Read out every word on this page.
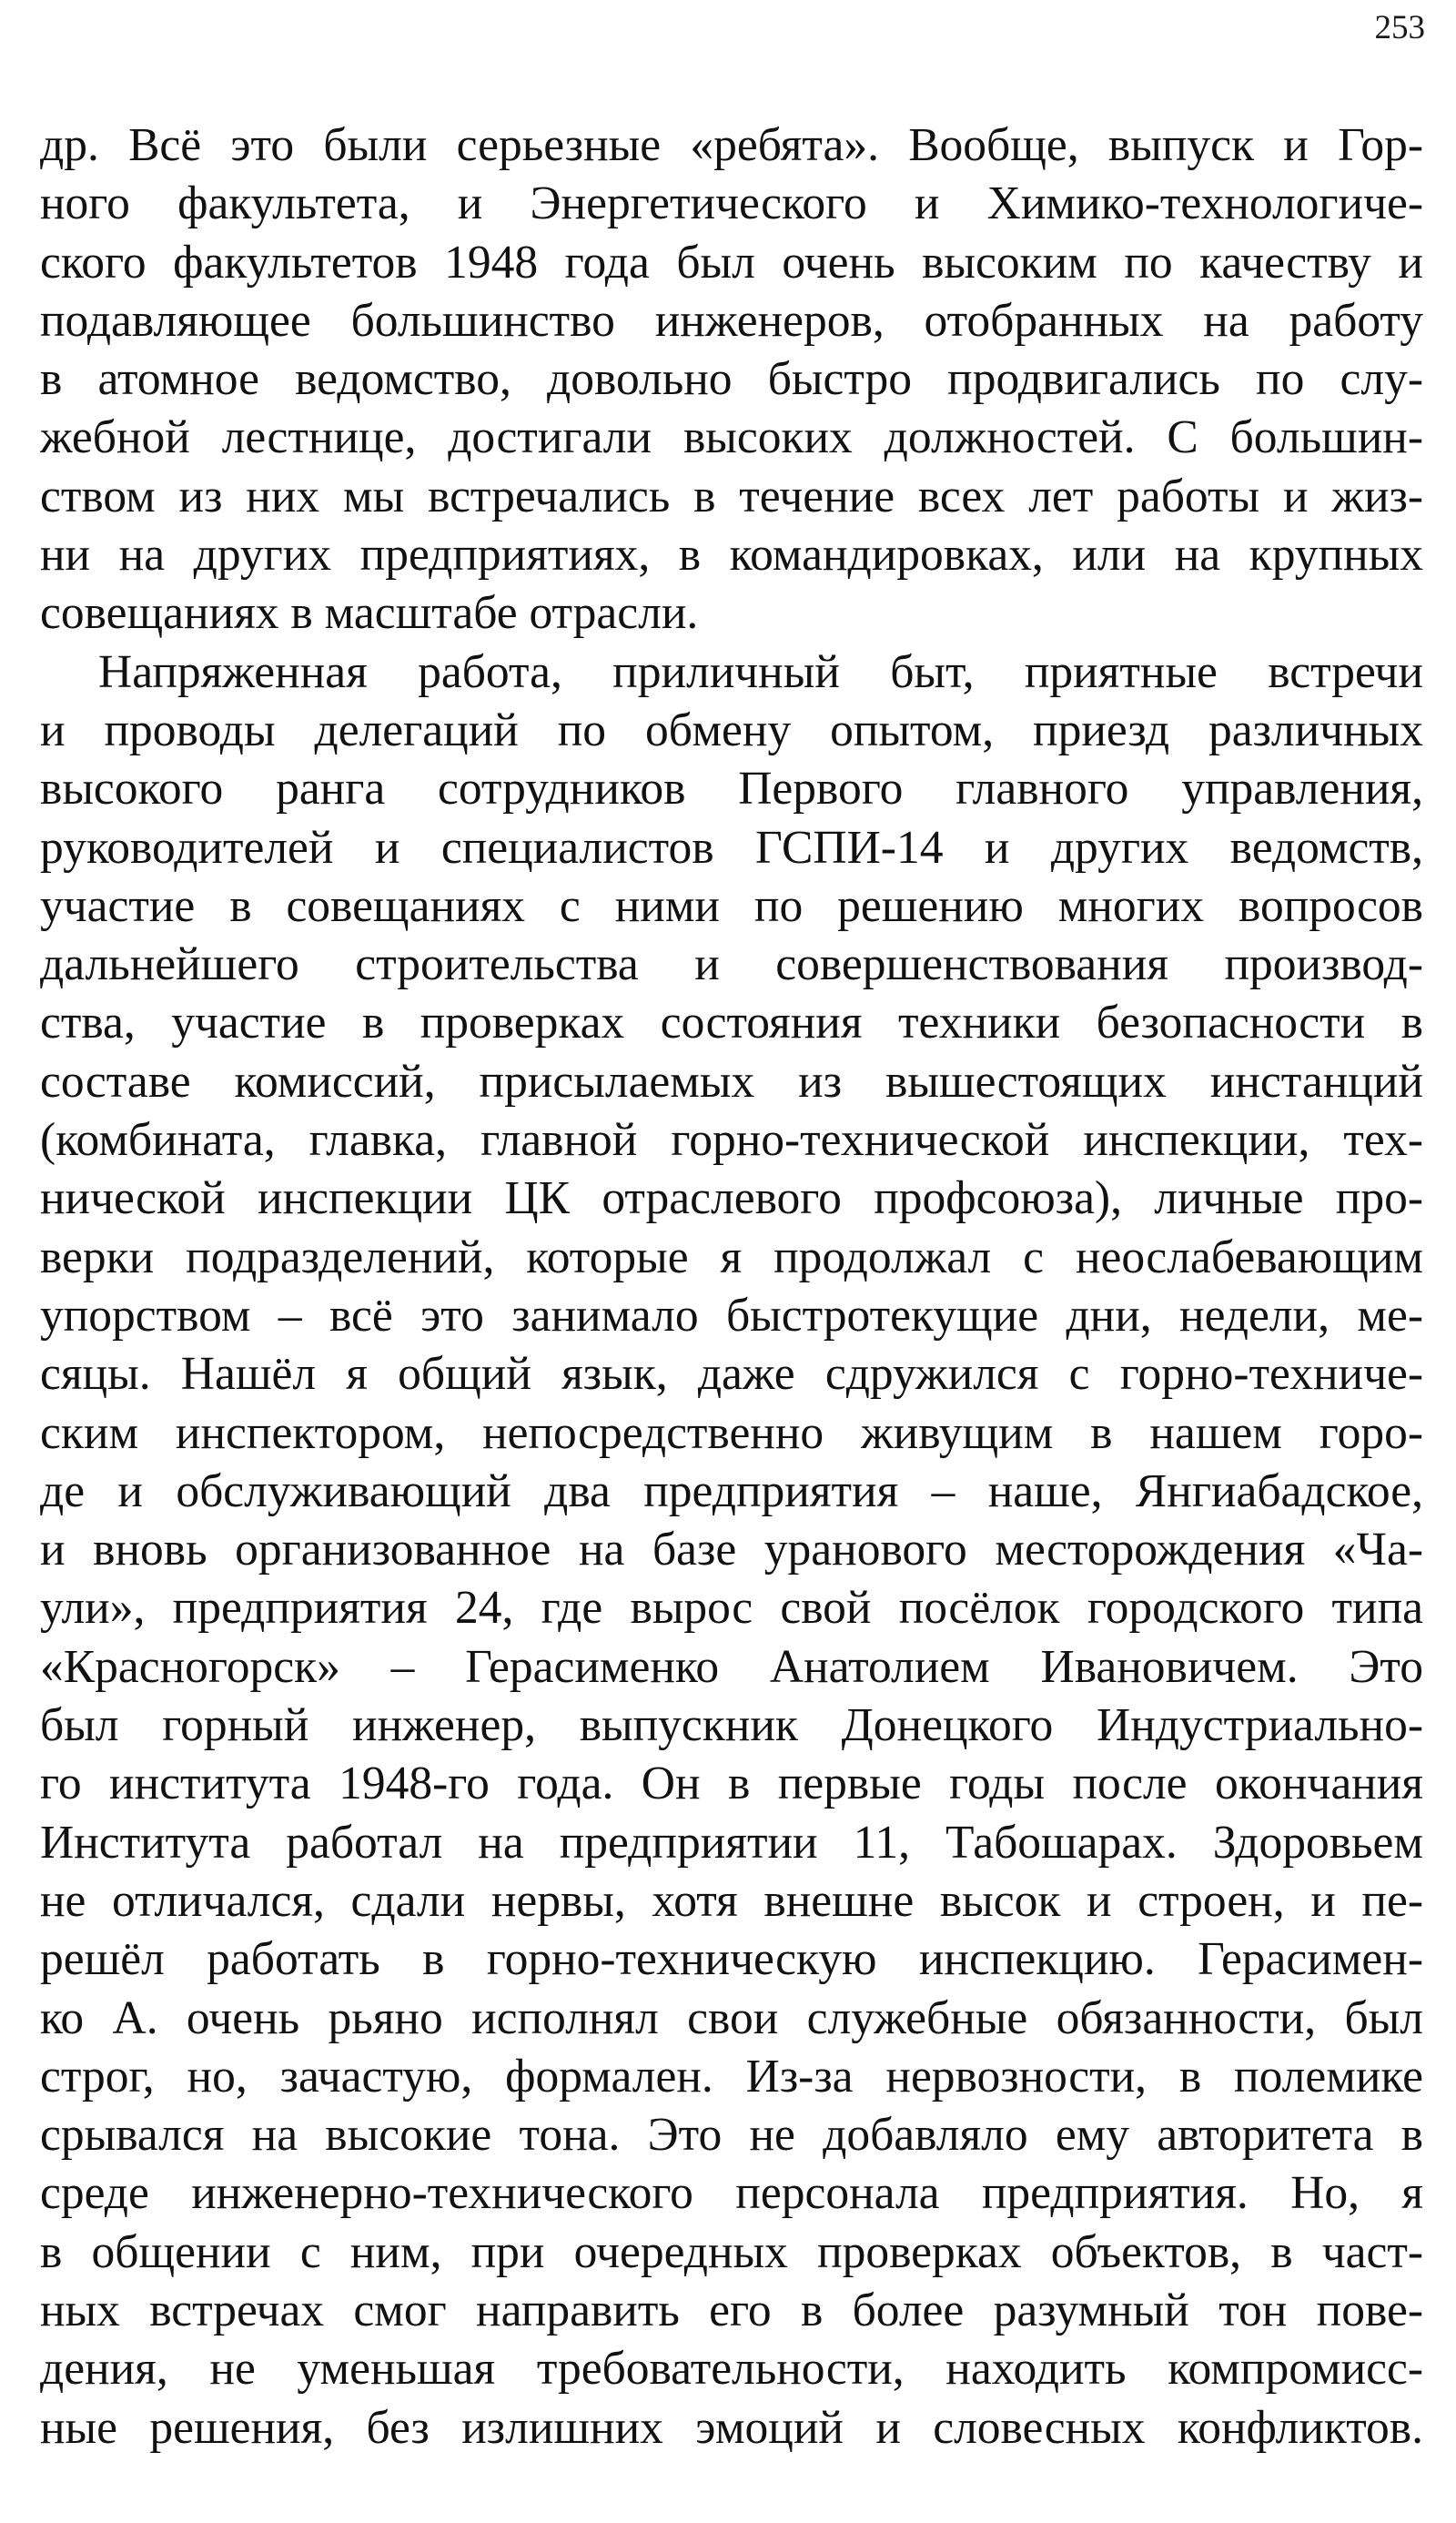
253
др. Всё это были серьезные «ребята». Вообще, выпуск и Гор-
ного факультета, и Энергетического и Химико-технологиче-
ского факультетов 1948 года был очень высоким по качеству и
подавляющее большинство инженеров, отобранных на работу
в атомное ведомство, довольно быстро продвигались по слу-
жебной лестнице, достигали высоких должностей. С большин-
ством из них мы встречались в течение всех лет работы и жиз-
ни на других предприятиях, в командировках, или на крупных
совещаниях в масштабе отрасли.
Напряженная работа, приличный быт, приятные встречи
и проводы делегаций по обмену опытом, приезд различных
высокого ранга сотрудников Первого главного управления,
руководителей и специалистов ГСПИ-14 и других ведомств,
участие в совещаниях с ними по решению многих вопросов
дальнейшего строительства и совершенствования производ-
ства, участие в проверках состояния техники безопасности в
составе комиссий, присылаемых из вышестоящих инстанций
(комбината, главка, главной горно-технической инспекции, тех-
нической инспекции ЦК отраслевого профсоюза), личные про-
верки подразделений, которые я продолжал с неослабевающим
упорством – всё это занимало быстротекущие дни, недели, ме-
сяцы. Нашёл я общий язык, даже сдружился с горно-техниче-
ским инспектором, непосредственно живущим в нашем горо-
де и обслуживающий два предприятия – наше, Янгиабадское,
и вновь организованное на базе уранового месторождения «Ча-
ули», предприятия 24, где вырос свой посёлок городского типа
«Красногорск» – Герасименко Анатолием Ивановичем. Это
был горный инженер, выпускник Донецкого Индустриально-
го института 1948-го года. Он в первые годы после окончания
Института работал на предприятии 11, Табошарах. Здоровьем
не отличался, сдали нервы, хотя внешне высок и строен, и пе-
решёл работать в горно-техническую инспекцию. Герасимен-
ко А. очень рьяно исполнял свои служебные обязанности, был
строг, но, зачастую, формален. Из-за нервозности, в полемике
срывался на высокие тона. Это не добавляло ему авторитета в
среде инженерно-технического персонала предприятия. Но, я
в общении с ним, при очередных проверках объектов, в част-
ных встречах смог направить его в более разумный тон пове-
дения, не уменьшая требовательности, находить компромисс-
ные решения, без излишних эмоций и словесных конфликтов.
